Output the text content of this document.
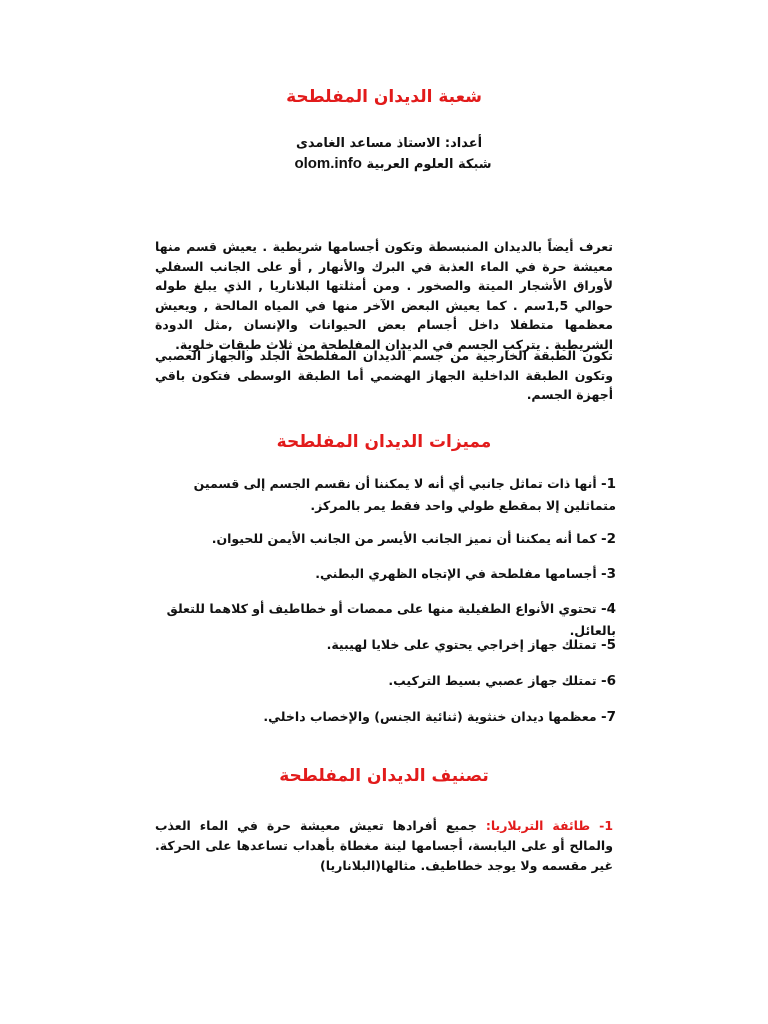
شعبة الديدان المفلطحة
أعداد: الاستاذ مساعد الغامدى
شبكة العلوم العربية olom.info
تعرف أيضاً بالديدان المنبسطة وتكون أجسامها شريطية . يعيش قسم منها معيشة حرة في الماء العذبة في البرك والأنهار , أو على الجانب السفلي لأوراق الأشجار الميتة والصخور . ومن أمثلتها البلاناريا , الذي يبلغ طوله حوالي 1,5سم . كما يعيش البعض الآخر منها في المياه المالحة , ويعيش معظمها متطفلا داخل أجسام بعض الحيوانات والإنسان ,مثل الدودة الشريطية . يتركب الجسم في الديدان المفلطحة من ثلاث طبقات خلوية.
تكون الطبقة الخارجية من جسم الديدان المفلطحة الجلد والجهاز العصبي وتكون الطبقة الداخلية الجهاز الهضمي أما الطبقة الوسطى فتكون باقي أجهزة الجسم.
مميزات الديدان المفلطحة
1- أنها ذات تماثل جانبي أي أنه لا يمكننا أن نقسم الجسم إلى قسمين متماثلين إلا بمقطع طولي واحد فقط يمر بالمركز.
2- كما أنه يمكننا أن نميز الجانب الأيسر من الجانب الأيمن للحيوان.
3- أجسامها مفلطحة في الإتجاه الظهري البطني.
4- تحتوي الأنواع الطفيلية منها على ممصات أو خطاطيف أو كلاهما للتعلق بالعائل.
5- تمتلك جهاز إخراجي يحتوي على خلايا لهيبية.
6- تمتلك جهاز عصبي بسيط التركيب.
7- معظمها ديدان خنثوية (ثنائية الجنس) والإخصاب داخلي.
تصنيف الديدان المفلطحة
1- طائفة التربلاريا: جميع أفرادها تعيش معيشة حرة في الماء العذب والمالح أو على اليابسة، أجسامها لينة مغطاة بأهداب تساعدها على الحركة. غير مقسمه ولا يوجد خطاطيف. مثالها(البلاناريا)
